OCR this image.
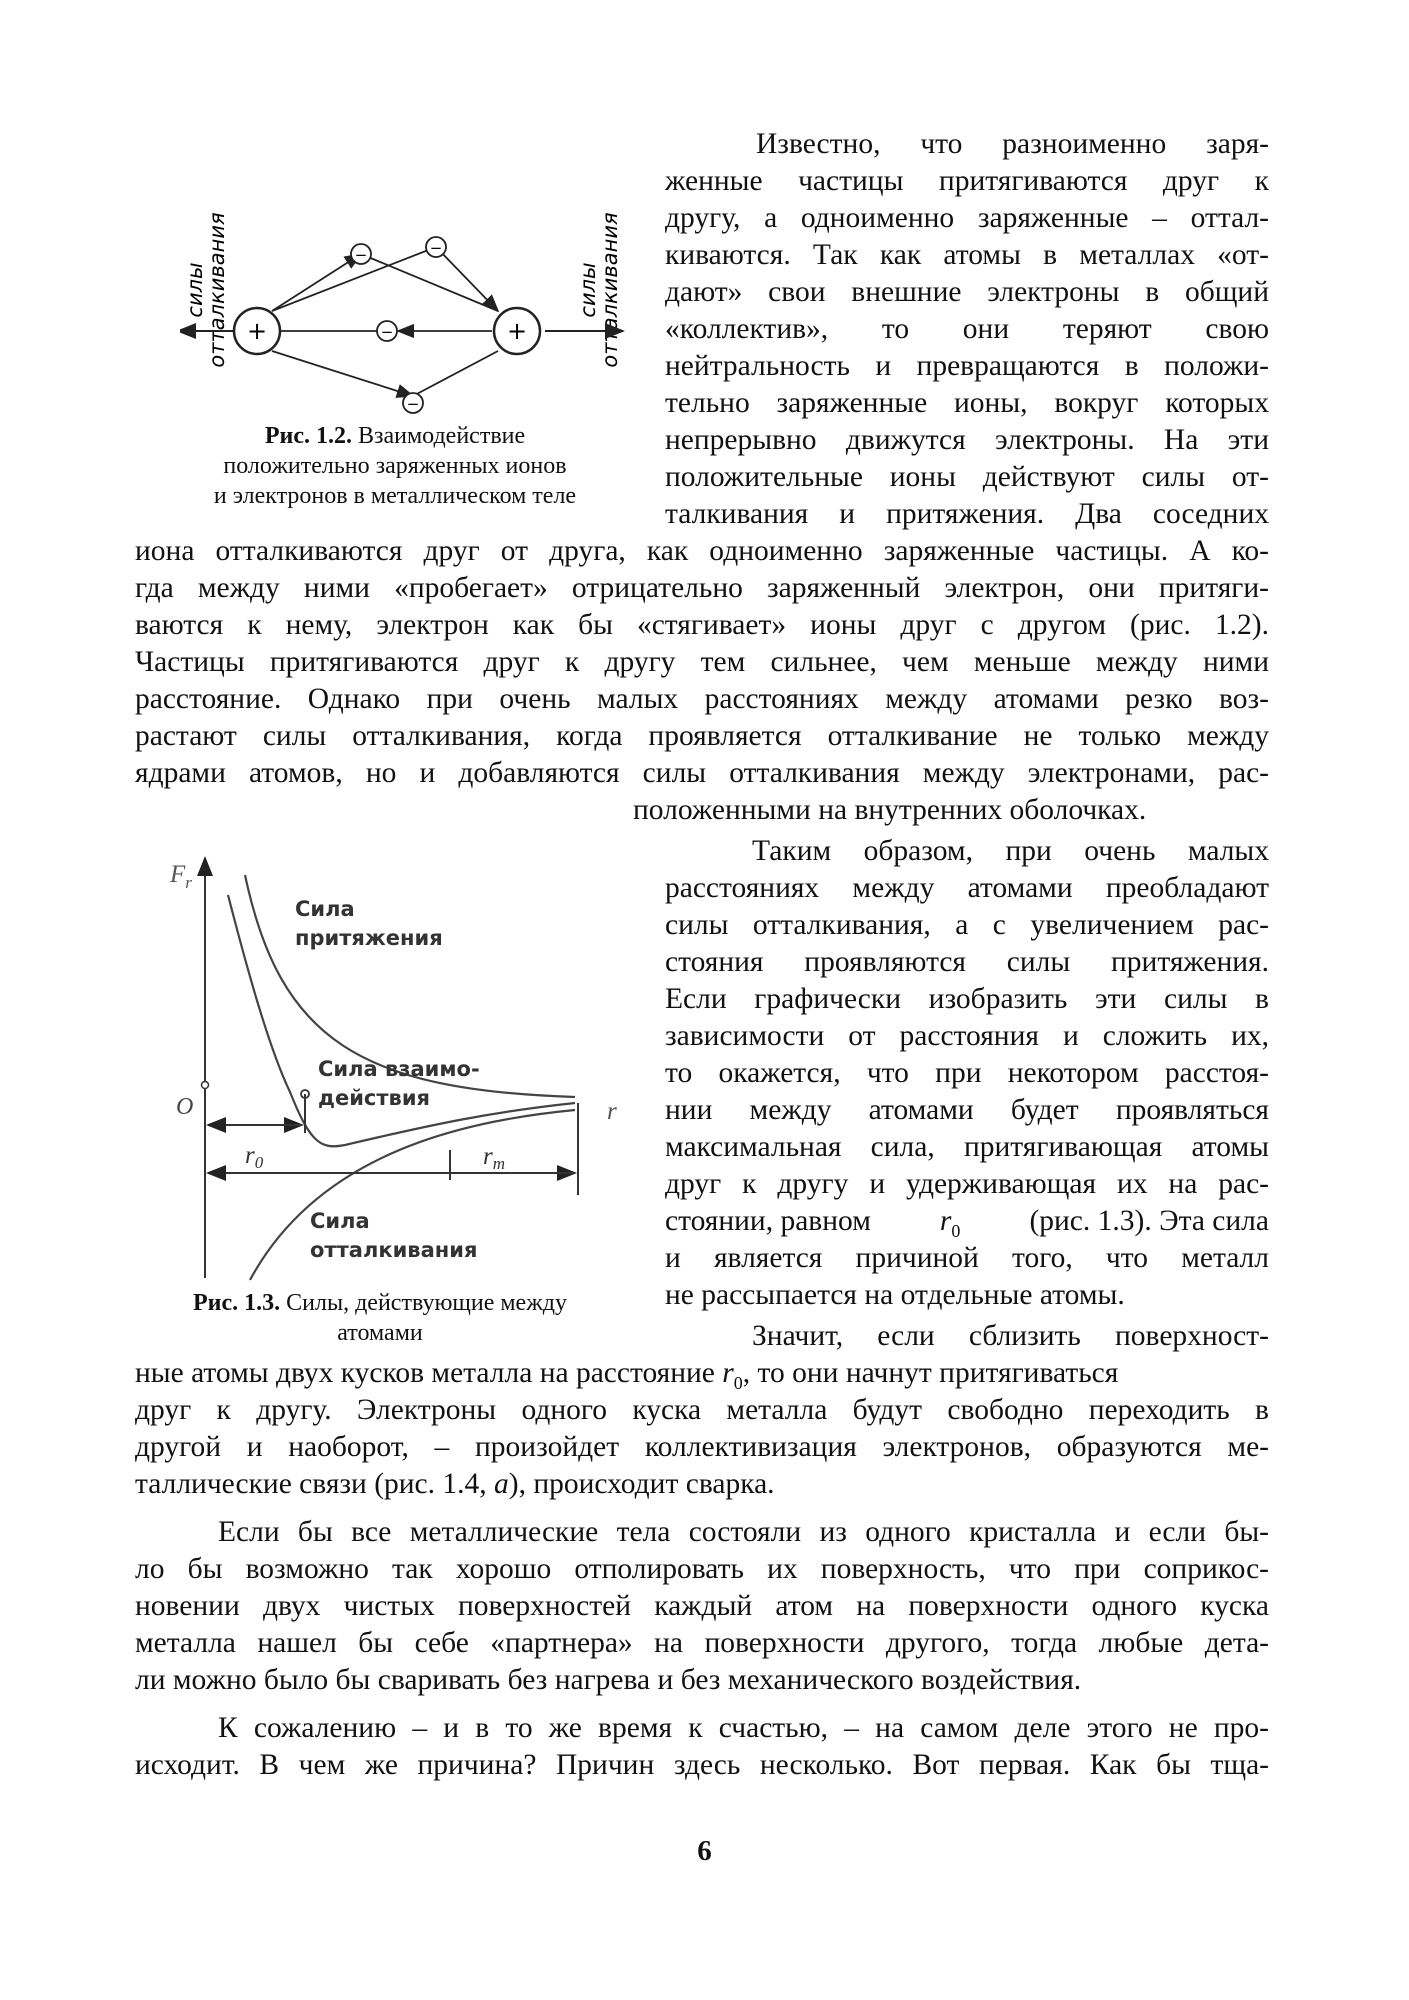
силы
отталкивания	силы
отталкивания
+	+
−	−
−
−
Рис. 1.2. Взаимодействие
положительно заряженных ионов
и электронов в металлическом теле
$F_r$
O	r
$r_0$	$r_m$
Сила
притяжения
Сила взаимо-
действия
Сила
отталкивания
Рис. 1.3. Силы, действующие между
атомами
Известно, что разноименно заря-
женные частицы притягиваются друг к
другу, а одноименно заряженные – оттал-
киваются. Так как атомы в металлах «от-
дают» свои внешние электроны в общий
«коллектив», то они теряют свою
нейтральность и превращаются в положи-
тельно заряженные ионы, вокруг которых
непрерывно движутся электроны. На эти
положительные ионы действуют силы от-
талкивания и притяжения. Два соседних
иона отталкиваются друг от друга, как одноименно заряженные частицы. А ко-
гда между ними «пробегает» отрицательно заряженный электрон, они притяги-
ваются к нему, электрон как бы «стягивает» ионы друг с другом (рис. 1.2).
Частицы притягиваются друг к другу тем сильнее, чем меньше между ними
расстояние. Однако при очень малых расстояниях между атомами резко воз-
растают силы отталкивания, когда проявляется отталкивание не только между
ядрами атомов, но и добавляются силы отталкивания между электронами, рас-
положенными на внутренних оболочках.
Таким образом, при очень малых
расстояниях между атомами преобладают
силы отталкивания, а с увеличением рас-
стояния проявляются силы притяжения.
Если графически изобразить эти силы в
зависимости от расстояния и сложить их,
то окажется, что при некотором расстоя-
нии между атомами будет проявляться
максимальная сила, притягивающая атомы
друг к другу и удерживающая их на рас-
стоянии, равном $r_0$ (рис. 1.3). Эта сила
и является причиной того, что металл
не рассыпается на отдельные атомы.
Значит, если сблизить поверхност-
ные атомы двух кусков металла на расстояние $r_0$, то они начнут притягиваться
друг к другу. Электроны одного куска металла будут свободно переходить в
другой и наоборот, – произойдет коллективизация электронов, образуются ме-
таллические связи (рис. 1.4, а), происходит сварка.
Если бы все металлические тела состояли из одного кристалла и если бы-
ло бы возможно так хорошо отполировать их поверхность, что при соприкос-
новении двух чистых поверхностей каждый атом на поверхности одного куска
металла нашел бы себе «партнера» на поверхности другого, тогда любые дета-
ли можно было бы сваривать без нагрева и без механического воздействия.
К сожалению – и в то же время к счастью, – на самом деле этого не про-
исходит. В чем же причина? Причин здесь несколько. Вот первая. Как бы тща-
6
